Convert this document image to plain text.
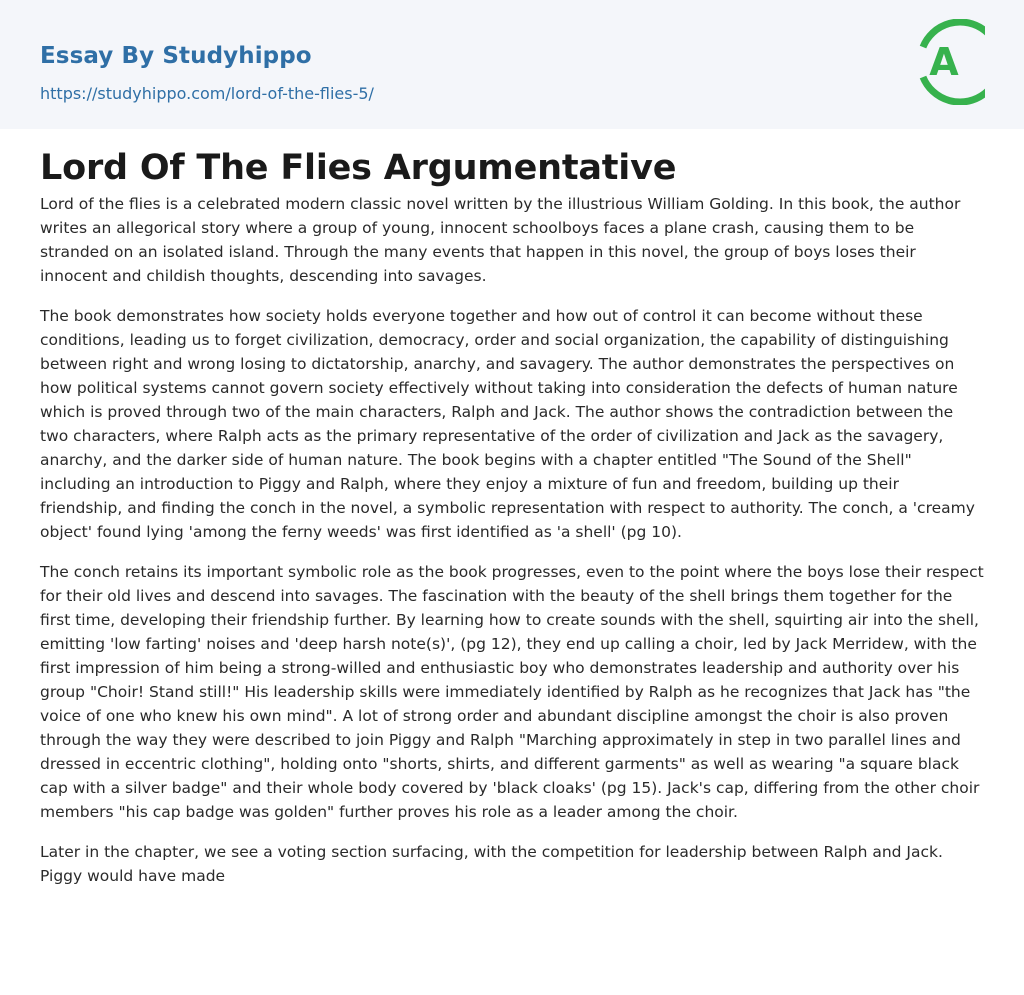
Essay By Studyhippo
https://studyhippo.com/lord-of-the-flies-5/
A
Lord Of The Flies Argumentative

Lord of the flies is a celebrated modern classic novel written by the illustrious William Golding. In this book, the author writes an allegorical story where a group of young, innocent schoolboys faces a plane crash, causing them to be stranded on an isolated island. Through the many events that happen in this novel, the group of boys loses their innocent and childish thoughts, descending into savages.

The book demonstrates how society holds everyone together and how out of control it can become without these conditions, leading us to forget civilization, democracy, order and social organization, the capability of distinguishing between right and wrong losing to dictatorship, anarchy, and savagery. The author demonstrates the perspectives on how political systems cannot govern society effectively without taking into consideration the defects of human nature which is proved through two of the main characters, Ralph and Jack. The author shows the contradiction between the two characters, where Ralph acts as the primary representative of the order of civilization and Jack as the savagery, anarchy, and the darker side of human nature. The book begins with a chapter entitled "The Sound of the Shell" including an introduction to Piggy and Ralph, where they enjoy a mixture of fun and freedom, building up their friendship, and finding the conch in the novel, a symbolic representation with respect to authority. The conch, a 'creamy object' found lying 'among the ferny weeds' was first identified as 'a shell' (pg 10).

The conch retains its important symbolic role as the book progresses, even to the point where the boys lose their respect for their old lives and descend into savages. The fascination with the beauty of the shell brings them together for the first time, developing their friendship further. By learning how to create sounds with the shell, squirting air into the shell, emitting 'low farting' noises and 'deep harsh note(s)', (pg 12), they end up calling a choir, led by Jack Merridew, with the first impression of him being a strong-willed and enthusiastic boy who demonstrates leadership and authority over his group "Choir! Stand still!" His leadership skills were immediately identified by Ralph as he recognizes that Jack has "the voice of one who knew his own mind". A lot of strong order and abundant discipline amongst the choir is also proven through the way they were described to join Piggy and Ralph "Marching approximately in step in two parallel lines and dressed in eccentric clothing", holding onto "shorts, shirts, and different garments" as well as wearing "a square black cap with a silver badge" and their whole body covered by 'black cloaks' (pg 15). Jack's cap, differing from the other choir members "his cap badge was golden" further proves his role as a leader among the choir.

Later in the chapter, we see a voting section surfacing, with the competition for leadership between Ralph and Jack. Piggy would have made
